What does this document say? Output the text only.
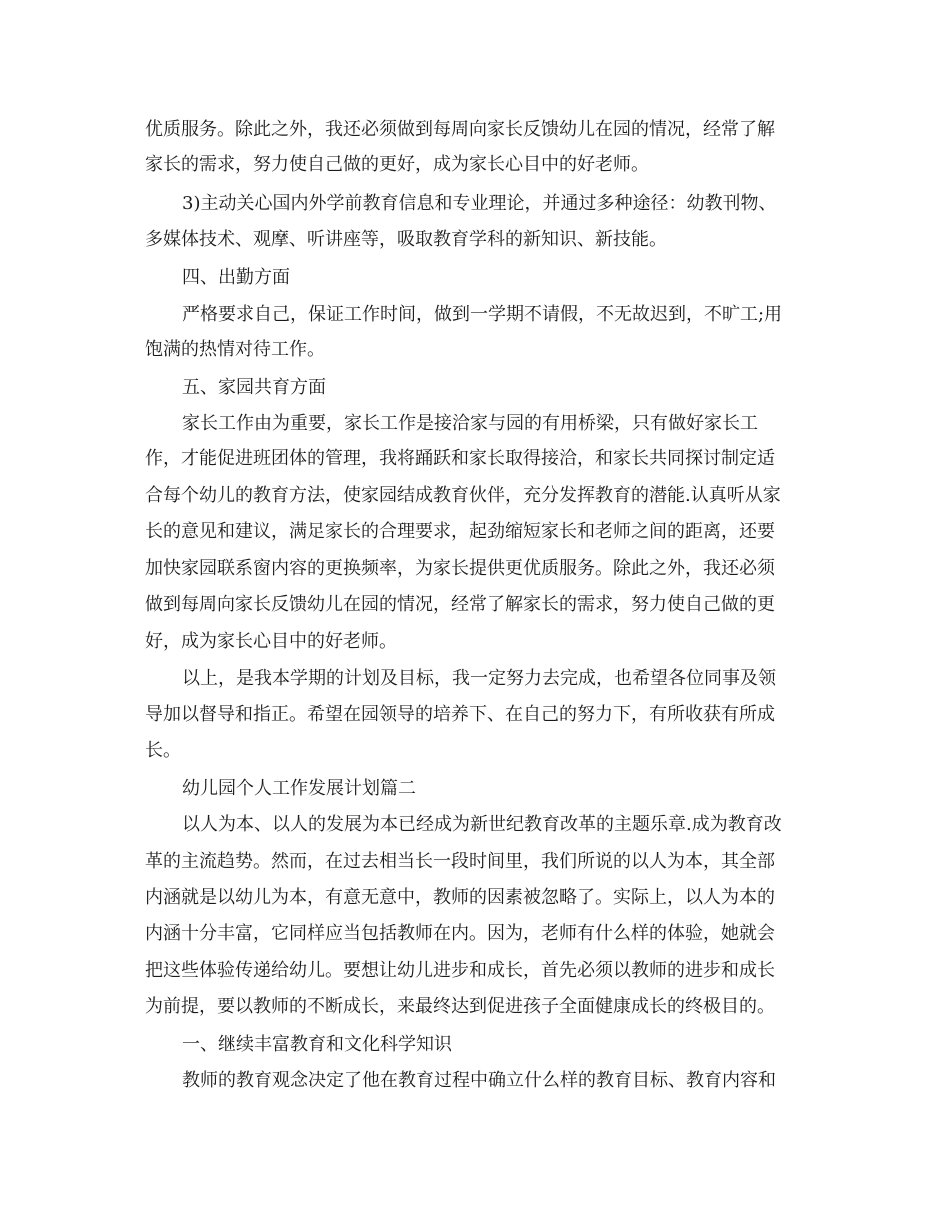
优质服务。除此之外，我还必须做到每周向家长反馈幼儿在园的情况，经常了解
家长的需求，努力使自己做的更好，成为家长心目中的好老师。
3)主动关心国内外学前教育信息和专业理论，并通过多种途径：幼教刊物、
多媒体技术、观摩、听讲座等，吸取教育学科的新知识、新技能。
四、出勤方面
严格要求自己，保证工作时间，做到一学期不请假，不无故迟到，不旷工;用
饱满的热情对待工作。
五、家园共育方面
家长工作由为重要，家长工作是接洽家与园的有用桥梁，只有做好家长工
作，才能促进班团体的管理，我将踊跃和家长取得接洽，和家长共同探讨制定适
合每个幼儿的教育方法，使家园结成教育伙伴，充分发挥教育的潜能.认真听从家
长的意见和建议，满足家长的合理要求，起劲缩短家长和老师之间的距离，还要
加快家园联系窗内容的更换频率，为家长提供更优质服务。除此之外，我还必须
做到每周向家长反馈幼儿在园的情况，经常了解家长的需求，努力使自己做的更
好，成为家长心目中的好老师。
以上，是我本学期的计划及目标，我一定努力去完成，也希望各位同事及领
导加以督导和指正。希望在园领导的培养下、在自己的努力下，有所收获有所成
长。
幼儿园个人工作发展计划篇二
以人为本、以人的发展为本已经成为新世纪教育改革的主题乐章.成为教育改
革的主流趋势。然而，在过去相当长一段时间里，我们所说的以人为本，其全部
内涵就是以幼儿为本，有意无意中，教师的因素被忽略了。实际上，以人为本的
内涵十分丰富，它同样应当包括教师在内。因为，老师有什么样的体验，她就会
把这些体验传递给幼儿。要想让幼儿进步和成长，首先必须以教师的进步和成长
为前提，要以教师的不断成长，来最终达到促进孩子全面健康成长的终极目的。
一、继续丰富教育和文化科学知识
教师的教育观念决定了他在教育过程中确立什么样的教育目标、教育内容和
